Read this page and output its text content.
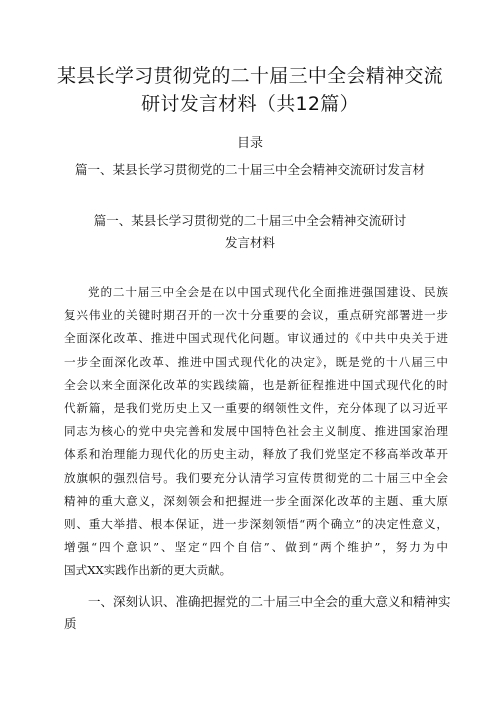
某县长学习贯彻党的二十届三中全会精神交流
研讨发言材料（共12篇）
目录
篇一、某县长学习贯彻党的二十届三中全会精神交流研讨发言材
篇一、某县长学习贯彻党的二十届三中全会精神交流研讨
发言材料
党的二十届三中全会是在以中国式现代化全面推进强国建设、民族
复兴伟业的关键时期召开的一次十分重要的会议，重点研究部署进一步
全面深化改革、推进中国式现代化问题。审议通过的《中共中央关于进
一步全面深化改革、推进中国式现代化的决定》，既是党的十八届三中
全会以来全面深化改革的实践续篇，也是新征程推进中国式现代化的时
代新篇，是我们党历史上又一重要的纲领性文件，充分体现了以习近平
同志为核心的党中央完善和发展中国特色社会主义制度、推进国家治理
体系和治理能力现代化的历史主动，释放了我们党坚定不移高举改革开
放旗帜的强烈信号。我们要充分认清学习宣传贯彻党的二十届三中全会
精神的重大意义，深刻领会和把握进一步全面深化改革的主题、重大原
则、重大举措、根本保证，进一步深刻领悟“两个确立”的决定性意义，
增强“四个意识”、坚定“四个自信”、做到“两个维护”，努力为中
国式XX实践作出新的更大贡献。
一、深刻认识、准确把握党的二十届三中全会的重大意义和精神实
质
